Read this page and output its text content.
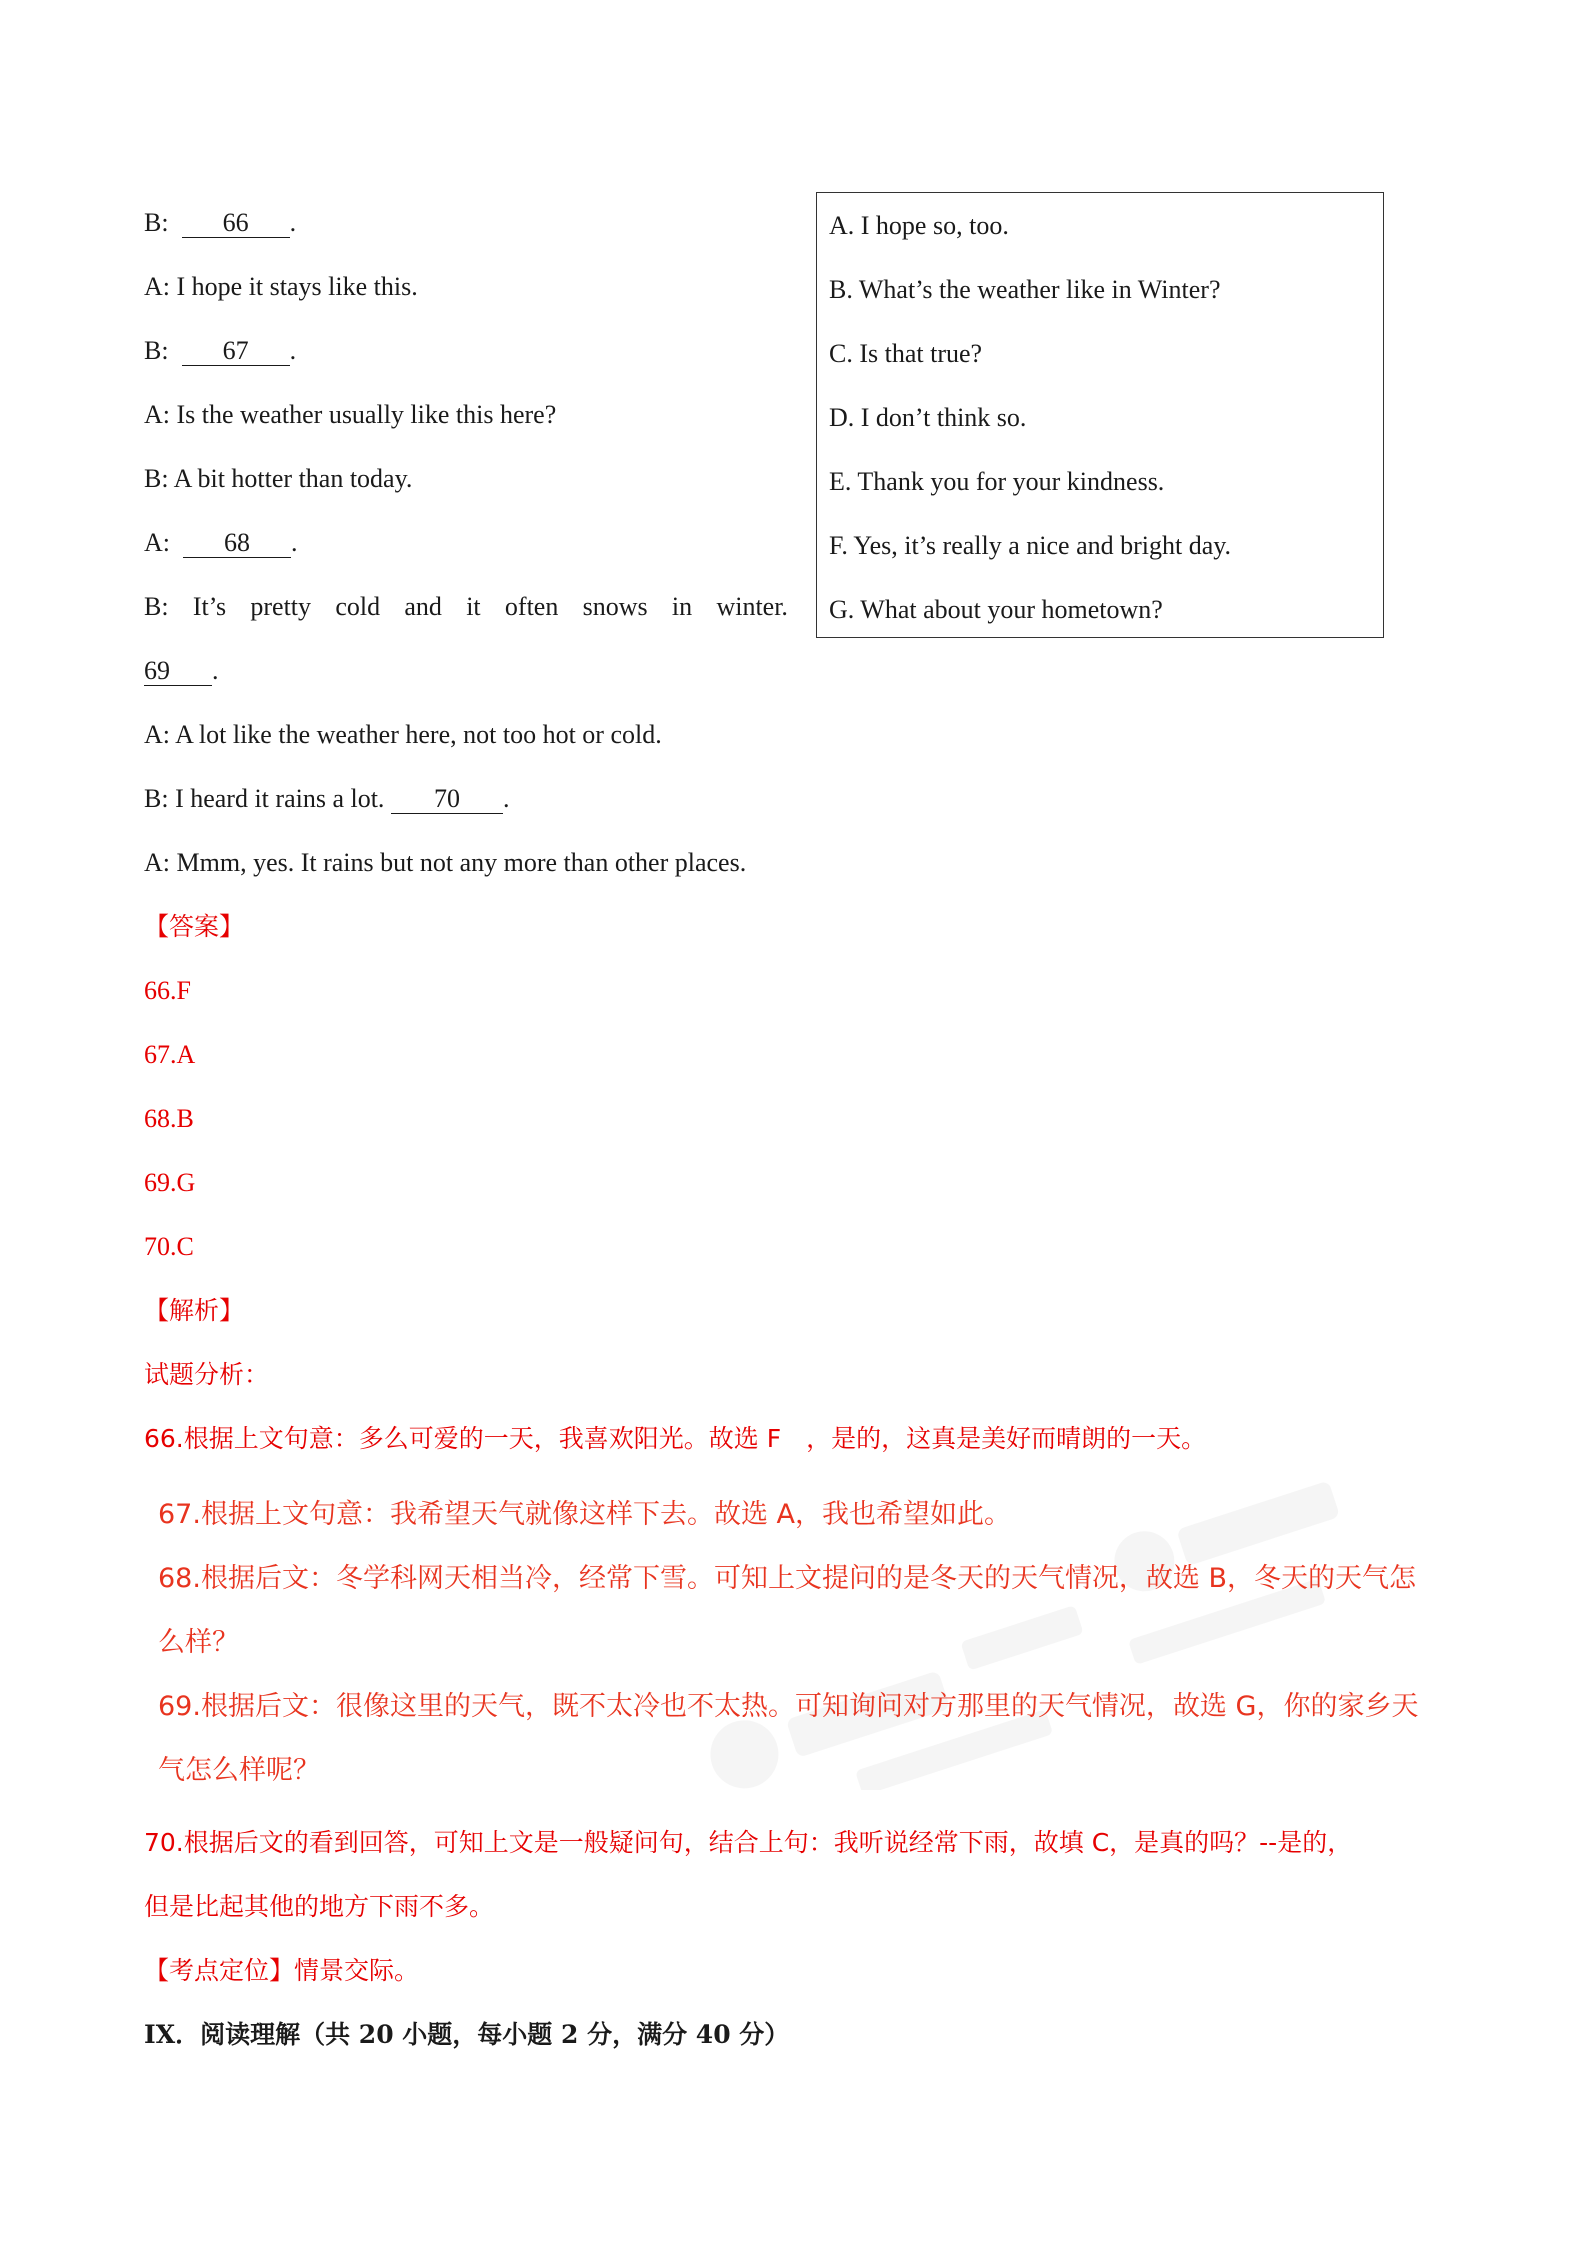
B: 66 .
A: I hope it stays like this.
B: 67 .
A: Is the weather usually like this here?
B: A bit hotter than today.
A: 68 .
B: It’s pretty cold and it often snows in winter.
69 .
A: A lot like the weather here, not too hot or cold.
B: I heard it rains a lot. 70 .
A: Mmm, yes. It rains but not any more than other places.
A. I hope so, too.
B. What’s the weather like in Winter?
C. Is that true?
D. I don’t think so.
E. Thank you for your kindness.
F. Yes, it’s really a nice and bright day.
G. What about your hometown?
【答案】
66.F
67.A
68.B
69.G
70.C
【解析】
试题分析：
66.根据上文句意：多么可爱的一天，我喜欢阳光。故选 F　，是的，这真是美好而晴朗的一天。
67.根据上文句意：我希望天气就像这样下去。故选 A，我也希望如此。
68.根据后文：冬学科网天相当冷，经常下雪。可知上文提问的是冬天的天气情况，故选 B，冬天的天气怎
么样？
69.根据后文：很像这里的天气，既不太冷也不太热。可知询问对方那里的天气情况，故选 G，你的家乡天
气怎么样呢？
70.根据后文的看到回答，可知上文是一般疑问句，结合上句：我听说经常下雨，故填 C，是真的吗？--是的，
但是比起其他的地方下雨不多。
【考点定位】情景交际。
IX．阅读理解（共 20 小题，每小题 2 分，满分 40 分）
